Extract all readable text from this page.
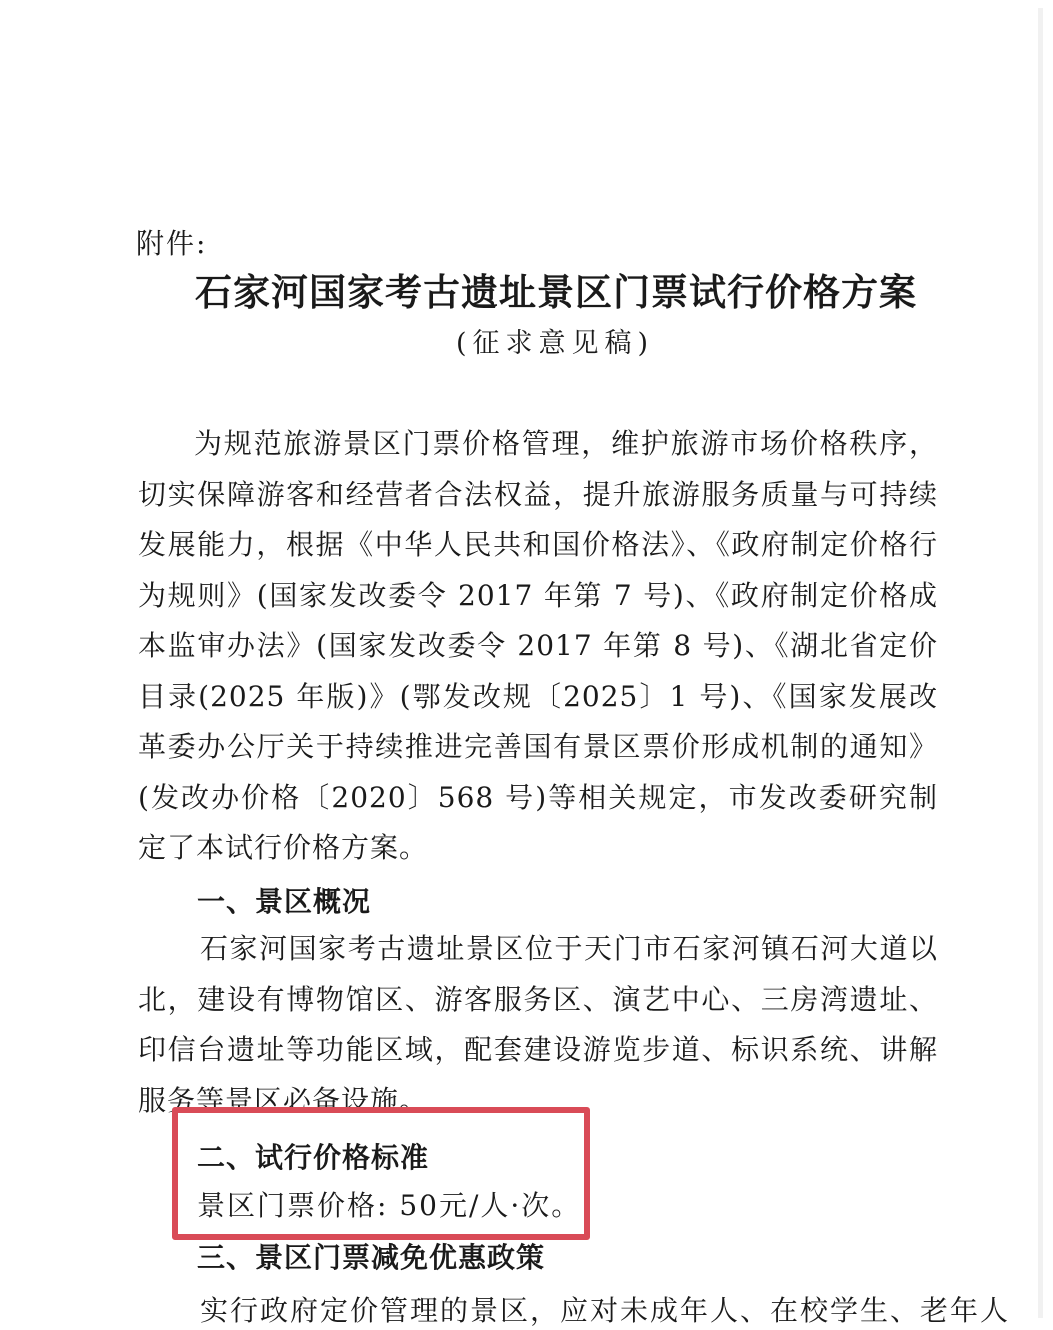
附件:
石家河国家考古遗址景区门票试行价格方案
(征求意见稿)
为规范旅游景区门票价格管理，维护旅游市场价格秩序，切实保障游客和经营者合法权益，提升旅游服务质量与可持续发展能力，根据《中华人民共和国价格法》、《政府制定价格行为规则》(国家发改委令 2017 年第 7 号)、《政府制定价格成本监审办法》(国家发改委令 2017 年第 8 号)、《湖北省定价目录(2025 年版)》(鄂发改规〔2025〕1 号)、《国家发展改革委办公厅关于持续推进完善国有景区票价形成机制的通知》(发改办价格〔2020〕568 号)等相关规定，市发改委研究制定了本试行价格方案。
一、景区概况
石家河国家考古遗址景区位于天门市石家河镇石河大道以北，建设有博物馆区、游客服务区、演艺中心、三房湾遗址、印信台遗址等功能区域，配套建设游览步道、标识系统、讲解服务等景区必备设施。
二、试行价格标准
景区门票价格: 50元/人·次。
三、景区门票减免优惠政策
实行政府定价管理的景区，应对未成年人、在校学生、老年人
